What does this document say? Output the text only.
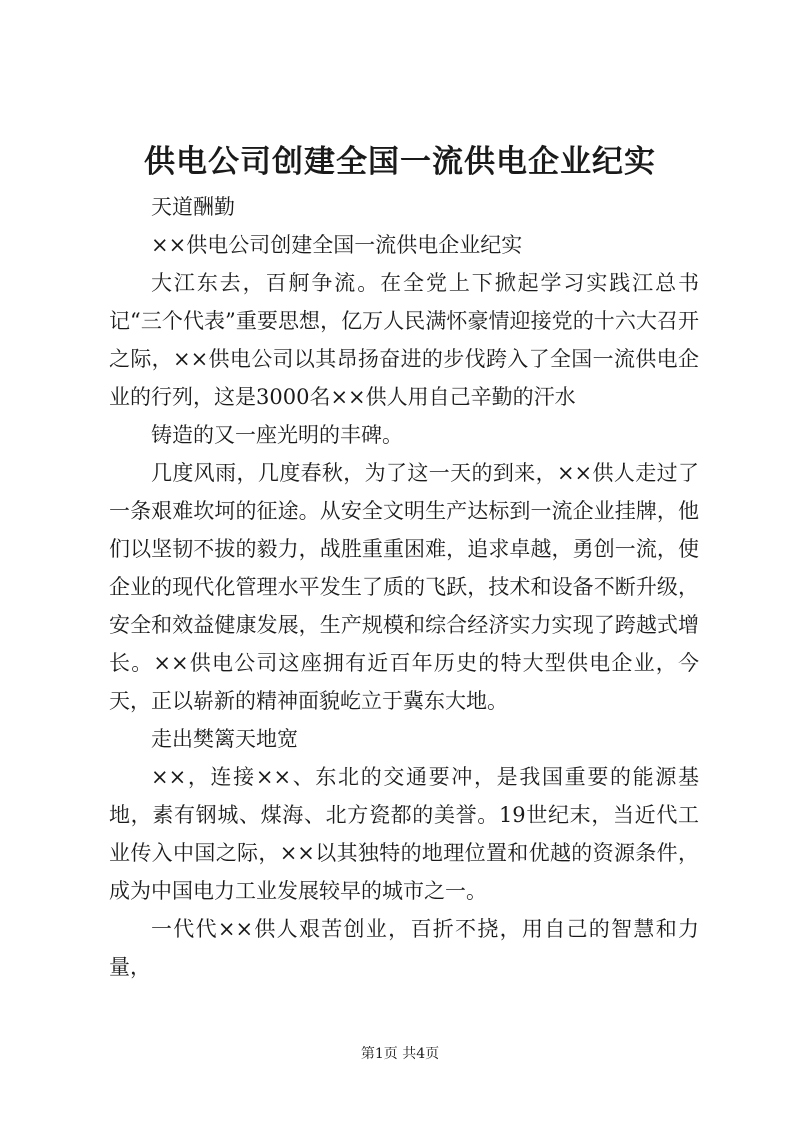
供电公司创建全国一流供电企业纪实

天道酬勤

××供电公司创建全国一流供电企业纪实

大江东去，百舸争流。在全党上下掀起学习实践江总书记“三个代表”重要思想，亿万人民满怀豪情迎接党的十六大召开之际，××供电公司以其昂扬奋进的步伐跨入了全国一流供电企业的行列，这是3000名××供人用自己辛勤的汗水

铸造的又一座光明的丰碑。

几度风雨，几度春秋，为了这一天的到来，××供人走过了一条艰难坎坷的征途。从安全文明生产达标到一流企业挂牌，他们以坚韧不拔的毅力，战胜重重困难，追求卓越，勇创一流，使企业的现代化管理水平发生了质的飞跃，技术和设备不断升级，安全和效益健康发展，生产规模和综合经济实力实现了跨越式增长。××供电公司这座拥有近百年历史的特大型供电企业，今天，正以崭新的精神面貌屹立于冀东大地。

走出樊篱天地宽

××，连接××、东北的交通要冲，是我国重要的能源基地，素有钢城、煤海、北方瓷都的美誉。19世纪末，当近代工业传入中国之际，××以其独特的地理位置和优越的资源条件，成为中国电力工业发展较早的城市之一。

一代代××供人艰苦创业，百折不挠，用自己的智慧和力量，

第1页 共4页
